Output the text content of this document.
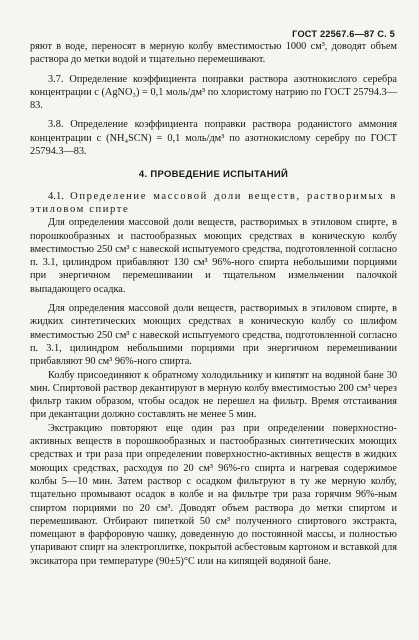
ГОСТ 22567.6—87 С. 5

ряют в воде, переносят в мерную колбу вместимостью 1000 см³, доводят объем раствора до метки водой и тщательно перемешивают.

3.7. Определение коэффициента поправки раствора азотнокислого серебра концентрации c (AgNO₃) = 0,1 моль/дм³ по хлористому натрию по ГОСТ 25794.3—83.

3.8. Определение коэффициента поправки раствора роданистого аммония концентрации c (NH₄SCN) = 0,1 моль/дм³ по азотнокислому серебру по ГОСТ 25794.3—83.

4. ПРОВЕДЕНИЕ ИСПЫТАНИЙ

4.1. Определение массовой доли веществ, растворимых в этиловом спирте

Для определения массовой доли веществ, растворимых в этиловом спирте, в порошкообразных и пастообразных моющих средствах в коническую колбу вместимостью 250 см³ с навеской испытуемого средства, подготовленной согласно п. 3.1, цилиндром прибавляют 130 см³ 96%-ного спирта небольшими порциями при энергичном перемешивании и тщательном измельчении палочкой выпадающего осадка.

Для определения массовой доли веществ, растворимых в этиловом спирте, в жидких синтетических моющих средствах в коническую колбу со шлифом вместимостью 250 см³ с навеской испытуемого средства, подготовленной согласно п. 3.1, цилиндром небольшими порциями при энергичном перемешивании прибавляют 90 см³ 96%-ного спирта.

Колбу присоединяют к обратному холодильнику и кипятят на водяной бане 30 мин. Спиртовой раствор декантируют в мерную колбу вместимостью 200 см³ через фильтр таким образом, чтобы осадок не перешел на фильтр. Время отстаивания при декантации должно составлять не менее 5 мин.

Экстракцию повторяют еще один раз при определении поверхностно-активных веществ в порошкообразных и пастообразных синтетических моющих средствах и три раза при определении поверхностно-активных веществ в жидких моющих средствах, расходуя по 20 см³ 96%-го спирта и нагревая содержимое колбы 5—10 мин. Затем раствор с осадком фильтруют в ту же мерную колбу, тщательно промывают осадок в колбе и на фильтре три раза горячим 96%-ным спиртом порциями по 20 см³. Доводят объем раствора до метки спиртом и перемешивают. Отбирают пипеткой 50 см³ полученного спиртового экстракта, помещают в фарфоровую чашку, доведенную до постоянной массы, и полностью упаривают спирт на электроплитке, покрытой асбестовым картоном и вставкой для эксикатора при температуре (90±5)°С или на кипящей водяной бане.
